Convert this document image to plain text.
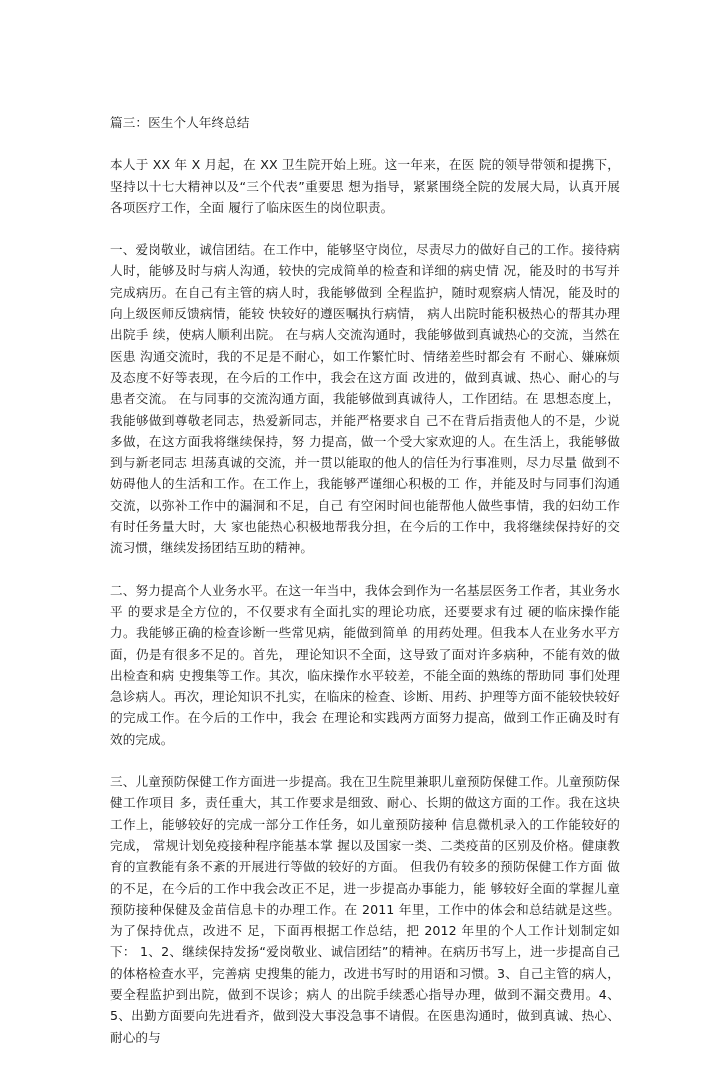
篇三：医生个人年终总结

本人于 XX 年 X 月起，在 XX 卫生院开始上班。这一年来，在医 院的领导带领和提携下，坚持以十七大精神以及“三个代表”重要思 想为指导，紧紧围绕全院的发展大局，认真开展各项医疗工作，全面 履行了临床医生的岗位职责。

一、爱岗敬业，诚信团结。在工作中，能够坚守岗位，尽责尽力的做好自己的工作。接待病人时，能够及时与病人沟通，较快的完成简单的检查和详细的病史情 况，能及时的书写并完成病历。在自己有主管的病人时，我能够做到 全程监护，随时观察病人情况，能及时的向上级医师反馈病情，能较 快较好的遵医嘱执行病情， 病人出院时能积极热心的帮其办理出院手 续，使病人顺利出院。 在与病人交流沟通时，我能够做到真诚热心的交流，当然在医患 沟通交流时，我的不足是不耐心，如工作繁忙时、情绪差些时都会有 不耐心、嫌麻烦及态度不好等表现，在今后的工作中，我会在这方面 改进的，做到真诚、热心、耐心的与患者交流。 在与同事的交流沟通方面，我能够做到真诚待人，工作团结。在 思想态度上，我能够做到尊敬老同志，热爱新同志，并能严格要求自 己不在背后指责他人的不是，少说多做，在这方面我将继续保持，努 力提高，做一个受大家欢迎的人。在生活上，我能够做到与新老同志 坦荡真诚的交流，并一贯以能取的他人的信任为行事准则，尽力尽量 做到不妨碍他人的生活和工作。在工作上，我能够严谨细心积极的工 作，并能及时与同事们沟通交流，以弥补工作中的漏洞和不足，自己 有空闲时间也能帮他人做些事情，我的妇幼工作有时任务量大时，大 家也能热心积极地帮我分担，在今后的工作中，我将继续保持好的交 流习惯，继续发扬团结互助的精神。

二、努力提高个人业务水平。在这一年当中，我体会到作为一名基层医务工作者，其业务水平 的要求是全方位的，不仅要求有全面扎实的理论功底，还要要求有过 硬的临床操作能力。我能够正确的检查诊断一些常见病，能做到简单 的用药处理。但我本人在业务水平方面，仍是有很多不足的。首先， 理论知识不全面，这导致了面对许多病种，不能有效的做出检查和病 史搜集等工作。其次，临床操作水平较差，不能全面的熟练的帮助同 事们处理急诊病人。再次，理论知识不扎实，在临床的检查、诊断、用药、护理等方面不能较快较好的完成工作。在今后的工作中，我会 在理论和实践两方面努力提高，做到工作正确及时有效的完成。

三、儿童预防保健工作方面进一步提高。我在卫生院里兼职儿童预防保健工作。儿童预防保健工作项目 多，责任重大，其工作要求是细致、耐心、长期的做这方面的工作。我在这块工作上，能够较好的完成一部分工作任务，如儿童预防接种 信息微机录入的工作能较好的完成， 常规计划免疫接种程序能基本掌 握以及国家一类、二类疫苗的区别及价格。健康教育的宣教能有条不紊的开展进行等做的较好的方面。 但我仍有较多的预防保健工作方面 做的不足，在今后的工作中我会改正不足，进一步提高办事能力，能 够较好全面的掌握儿童预防接种保健及金苗信息卡的办理工作。在 2011 年里，工作中的体会和总结就是这些。为了保持优点，改进不 足，下面再根据工作总结，把 2012 年里的个人工作计划制定如下： 1、2、继续保持发扬“爱岗敬业、诚信团结”的精神。在病历书写上，进一步提高自己的体格检查水平，完善病 史搜集的能力，改进书写时的用语和习惯。3、自己主管的病人，要全程监护到出院，做到不误诊；病人 的出院手续悉心指导办理，做到不漏交费用。4、5、出勤方面要向先进看齐，做到没大事没急事不请假。在医患沟通时，做到真诚、热心、耐心的与
